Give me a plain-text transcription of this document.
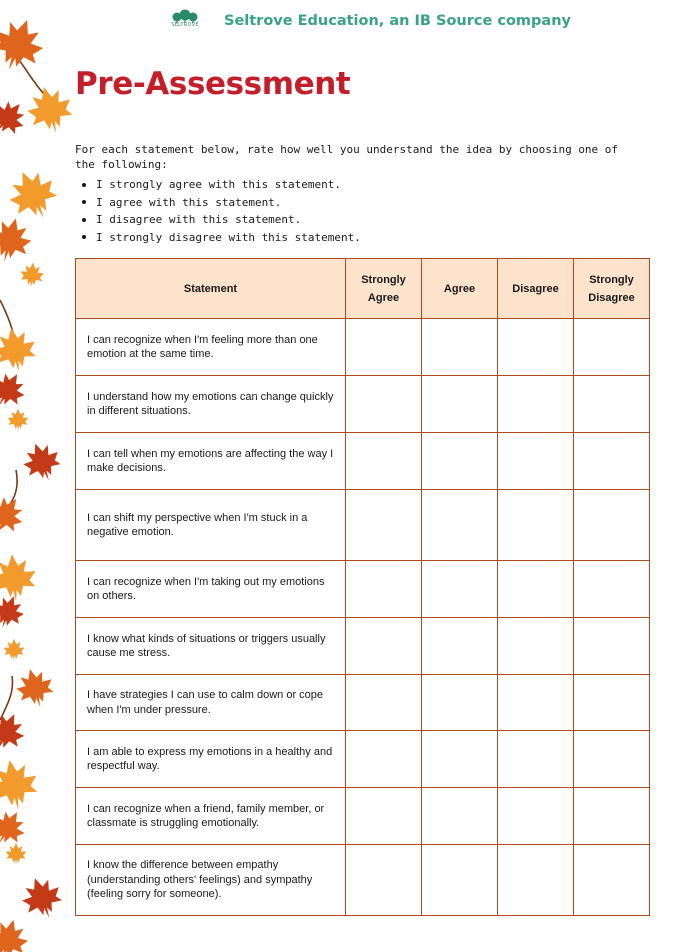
SELTROVE Seltrove Education, an IB Source company
Pre-Assessment

For each statement below, rate how well you understand the idea by choosing one of the following:

I strongly agree with this statement.
I agree with this statement.
I disagree with this statement.
I strongly disagree with this statement.
Statement	Strongly Agree	Agree	Disagree	Strongly Disagree
I can recognize when I'm feeling more than one emotion at the same time.				
I understand how my emotions can change quickly in different situations.				
I can tell when my emotions are affecting the way I make decisions.				
I can shift my perspective when I'm stuck in a negative emotion.				
I can recognize when I'm taking out my emotions on others.				
I know what kinds of situations or triggers usually cause me stress.				
I have strategies I can use to calm down or cope when I'm under pressure.				
I am able to express my emotions in a healthy and respectful way.				
I can recognize when a friend, family member, or classmate is struggling emotionally.				
I know the difference between empathy (understanding others' feelings) and sympathy (feeling sorry for someone).				
